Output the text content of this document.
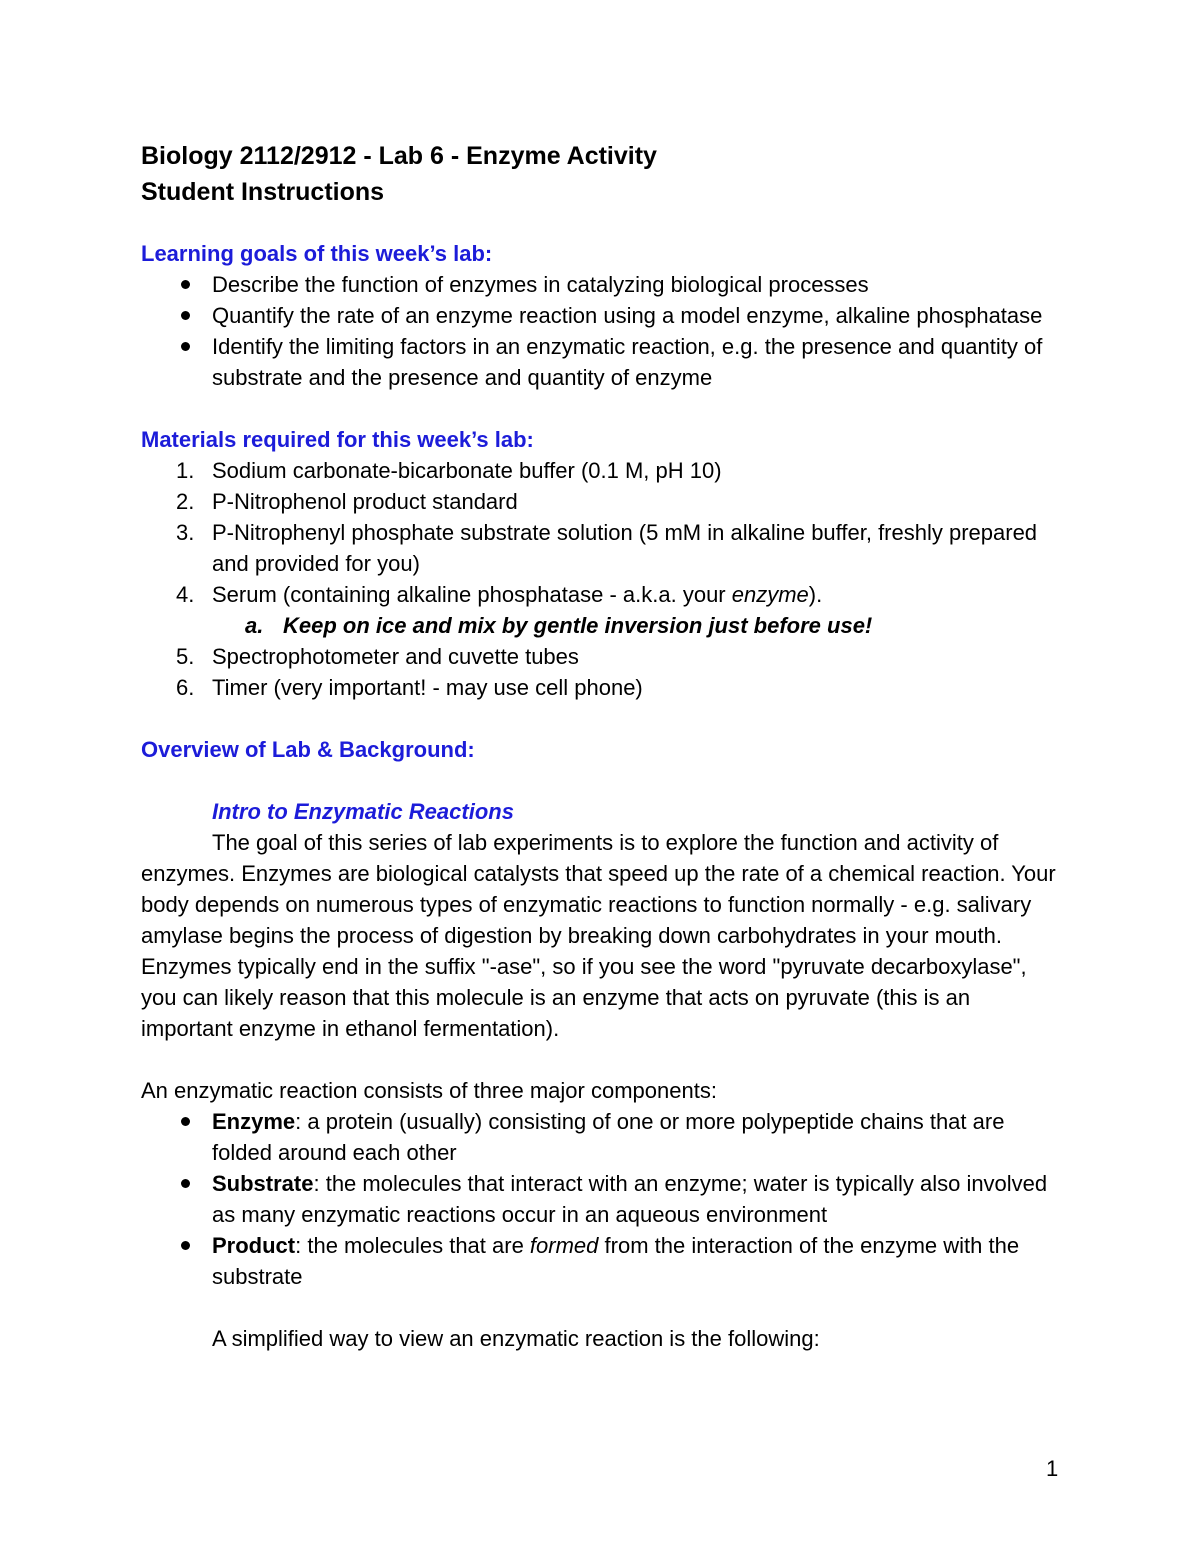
Biology 2112/2912 - Lab 6 - Enzyme Activity
Student Instructions

Learning goals of this week’s lab:

Describe the function of enzymes in catalyzing biological processes
Quantify the rate of an enzyme reaction using a model enzyme, alkaline phosphatase
Identify the limiting factors in an enzymatic reaction, e.g. the presence and quantity of substrate and the presence and quantity of enzyme

Materials required for this week’s lab:

1. Sodium carbonate-bicarbonate buffer (0.1 M, pH 10)
2. P-Nitrophenol product standard
3. P-Nitrophenyl phosphate substrate solution (5 mM in alkaline buffer, freshly prepared and provided for you)
4. Serum (containing alkaline phosphatase - a.k.a. your enzyme).
a. Keep on ice and mix by gentle inversion just before use!
5. Spectrophotometer and cuvette tubes
6. Timer (very important! - may use cell phone)

Overview of Lab & Background:

Intro to Enzymatic Reactions

The goal of this series of lab experiments is to explore the function and activity of enzymes. Enzymes are biological catalysts that speed up the rate of a chemical reaction. Your body depends on numerous types of enzymatic reactions to function normally - e.g. salivary amylase begins the process of digestion by breaking down carbohydrates in your mouth. Enzymes typically end in the suffix "-ase", so if you see the word "pyruvate decarboxylase", you can likely reason that this molecule is an enzyme that acts on pyruvate (this is an important enzyme in ethanol fermentation).

An enzymatic reaction consists of three major components:

Enzyme: a protein (usually) consisting of one or more polypeptide chains that are folded around each other
Substrate: the molecules that interact with an enzyme; water is typically also involved as many enzymatic reactions occur in an aqueous environment
Product: the molecules that are formed from the interaction of the enzyme with the substrate

A simplified way to view an enzymatic reaction is the following:

1
